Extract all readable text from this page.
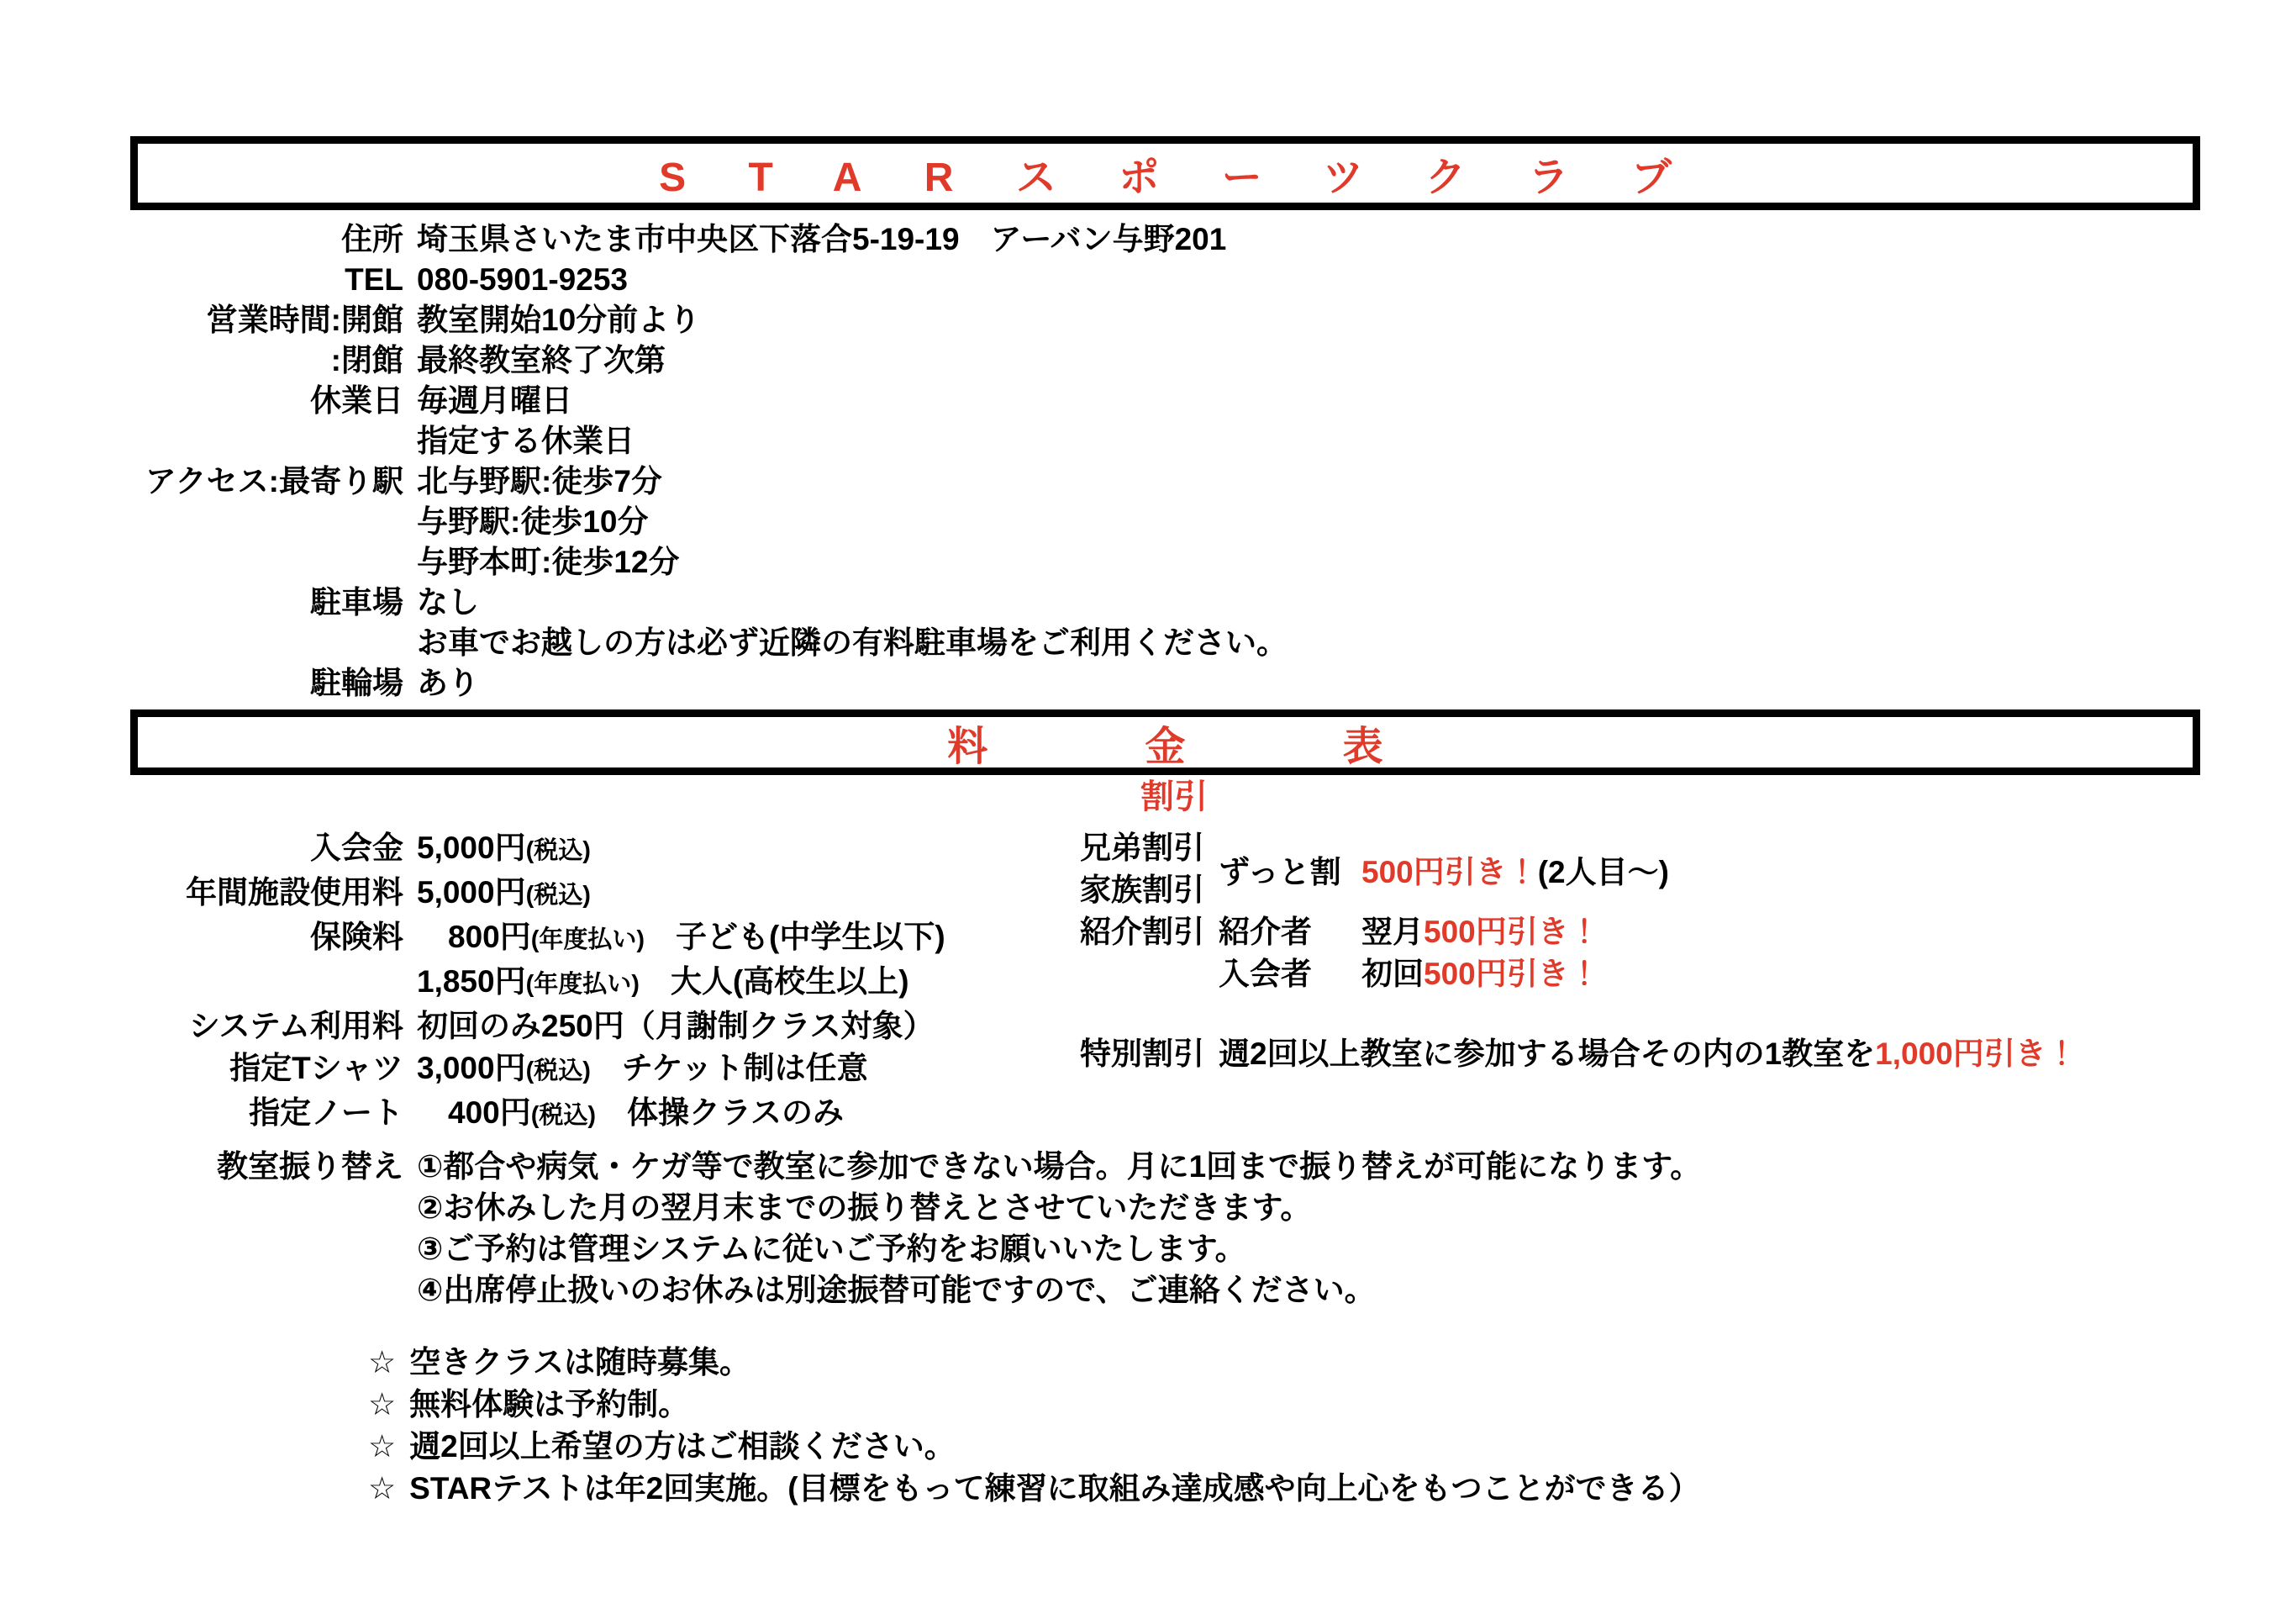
STARスポーツクラブ
住所 埼玉県さいたま市中央区下落合5-19-19　アーバン与野201
TEL 080-5901-9253
営業時間:開館 教室開始10分前より
:閉館 最終教室終了次第
休業日 毎週月曜日
指定する休業日
アクセス:最寄り駅 北与野駅:徒歩7分
与野駅:徒歩10分
与野本町:徒歩12分
駐車場 なし
お車でお越しの方は必ず近隣の有料駐車場をご利用ください。
駐輪場 あり
料金表
割引
入会金 5,000円(税込)
年間施設使用料 5,000円(税込)
保険料 　800円(年度払い)　子ども(中学生以下)
1,850円(年度払い)　大人(高校生以上)
システム利用料 初回のみ250円（月謝制クラス対象）
指定Tシャツ 3,000円(税込)　チケット制は任意
指定ノート 　400円(税込)　体操クラスのみ
兄弟割引
家族割引
ずっと割 500円引き！ (2人目～)
紹介割引 紹介者	翌月500円引き！
入会者	初回500円引き！
特別割引 週2回以上教室に参加する場合その内の1教室を1,000円引き！
教室振り替え ①都合や病気・ケガ等で教室に参加できない場合。月に1回まで振り替えが可能になります。
②お休みした月の翌月末までの振り替えとさせていただきます。
③ご予約は管理システムに従いご予約をお願いいたします。
④出席停止扱いのお休みは別途振替可能ですので、ご連絡ください。
☆ 空きクラスは随時募集。
☆ 無料体験は予約制。
☆ 週2回以上希望の方はご相談ください。
☆ STARテストは年2回実施。(目標をもって練習に取組み達成感や向上心をもつことができる）
